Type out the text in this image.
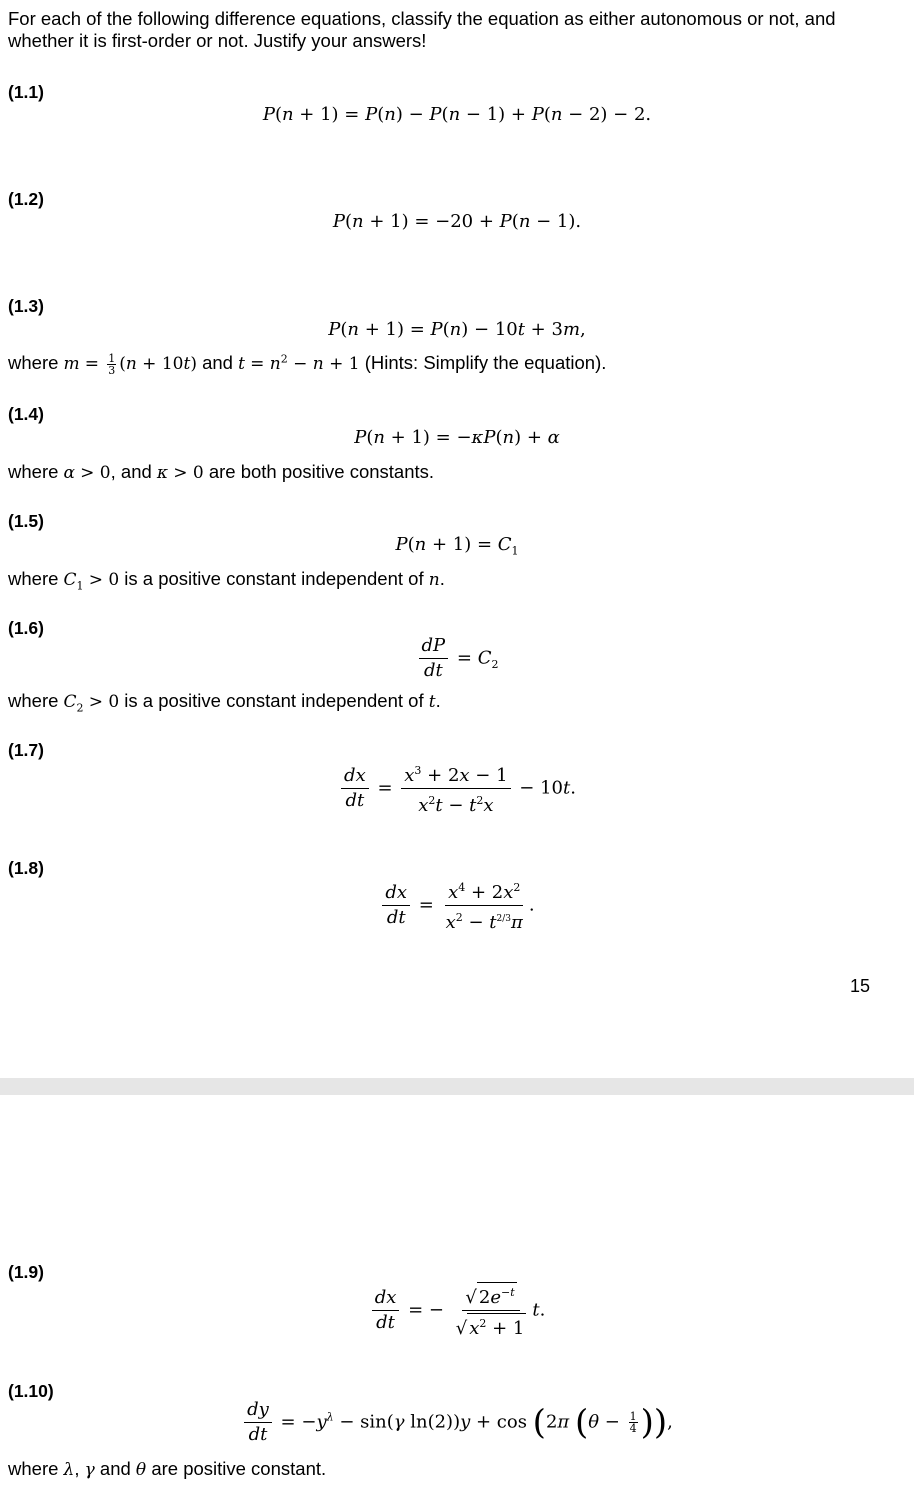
For each of the following difference equations, classify the equation as either autonomous or not, and whether it is first-order or not. Justify your answers!
(1.1)
P(n + 1) = P(n) − P(n − 1) + P(n − 2) − 2.
(1.2)
P(n + 1) = −20 + P(n − 1).
(1.3)
P(n + 1) = P(n) − 10t + 3m,
where $m = \frac{1}{3} (n + 10t)$ and $t = n^2 - n + 1$ (Hints: Simplify the equation).
(1.4)
P(n + 1) = −κP(n) + α
where α > 0, and κ > 0 are both positive constants.
(1.5)
$P(n + 1) = C_1$
where $C_1 > 0$ is a positive constant independent of n.
(1.6)
$\frac{dP}{dt} = C_2$
where $C_2 > 0$ is a positive constant independent of t.
(1.7)
$\frac{dx}{dt} = \frac{x^3 + 2x - 1}{x^2t - t^2x} - 10t$.
(1.8)
$\frac{dx}{dt} = \frac{x^4 + 2x^2}{x^2 - t^{2/3}\pi}$ .
15
(1.9)
$\frac{dx}{dt}$ = − $\frac{√ 2e^{-t}}{√ x^2 + 1} t$.
(1.10)
$\frac{dy}{dt} = -y^\lambda - \sin(\gamma$ ln(2))y + cos (2π ($\theta - \frac{1}{4}$ )),
where λ, γ and θ are positive constant.
